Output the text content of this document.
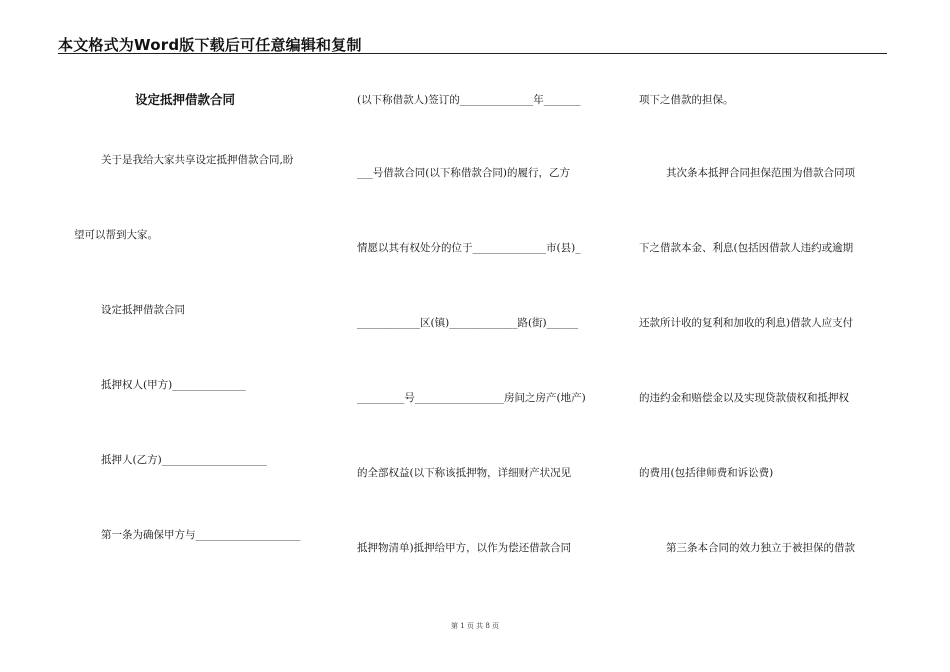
本文格式为Word版下载后可任意编辑和复制
设定抵押借款合同
关于是我给大家共享设定抵押借款合同,盼
望可以帮到大家。
设定抵押借款合同
抵押权人(甲方)______________
抵押人(乙方)____________________
第一条为确保甲方与____________________
(以下称借款人)签订的______________年_______
___号借款合同(以下称借款合同)的履行，乙方
情愿以其有权处分的位于______________市(县)_
____________区(镇)_____________路(街)______
_________号_________________房间之房产(地产)
的全部权益(以下称该抵押物，详细财产状况见
抵押物清单)抵押给甲方，以作为偿还借款合同
项下之借款的担保。
其次条本抵押合同担保范围为借款合同项
下之借款本金、利息(包括因借款人违约或逾期
还款所计收的复利和加收的利息)借款人应支付
的违约金和赔偿金以及实现贷款债权和抵押权
的费用(包括律师费和诉讼费)
第三条本合同的效力独立于被担保的借款
第 1 页 共 8 页
